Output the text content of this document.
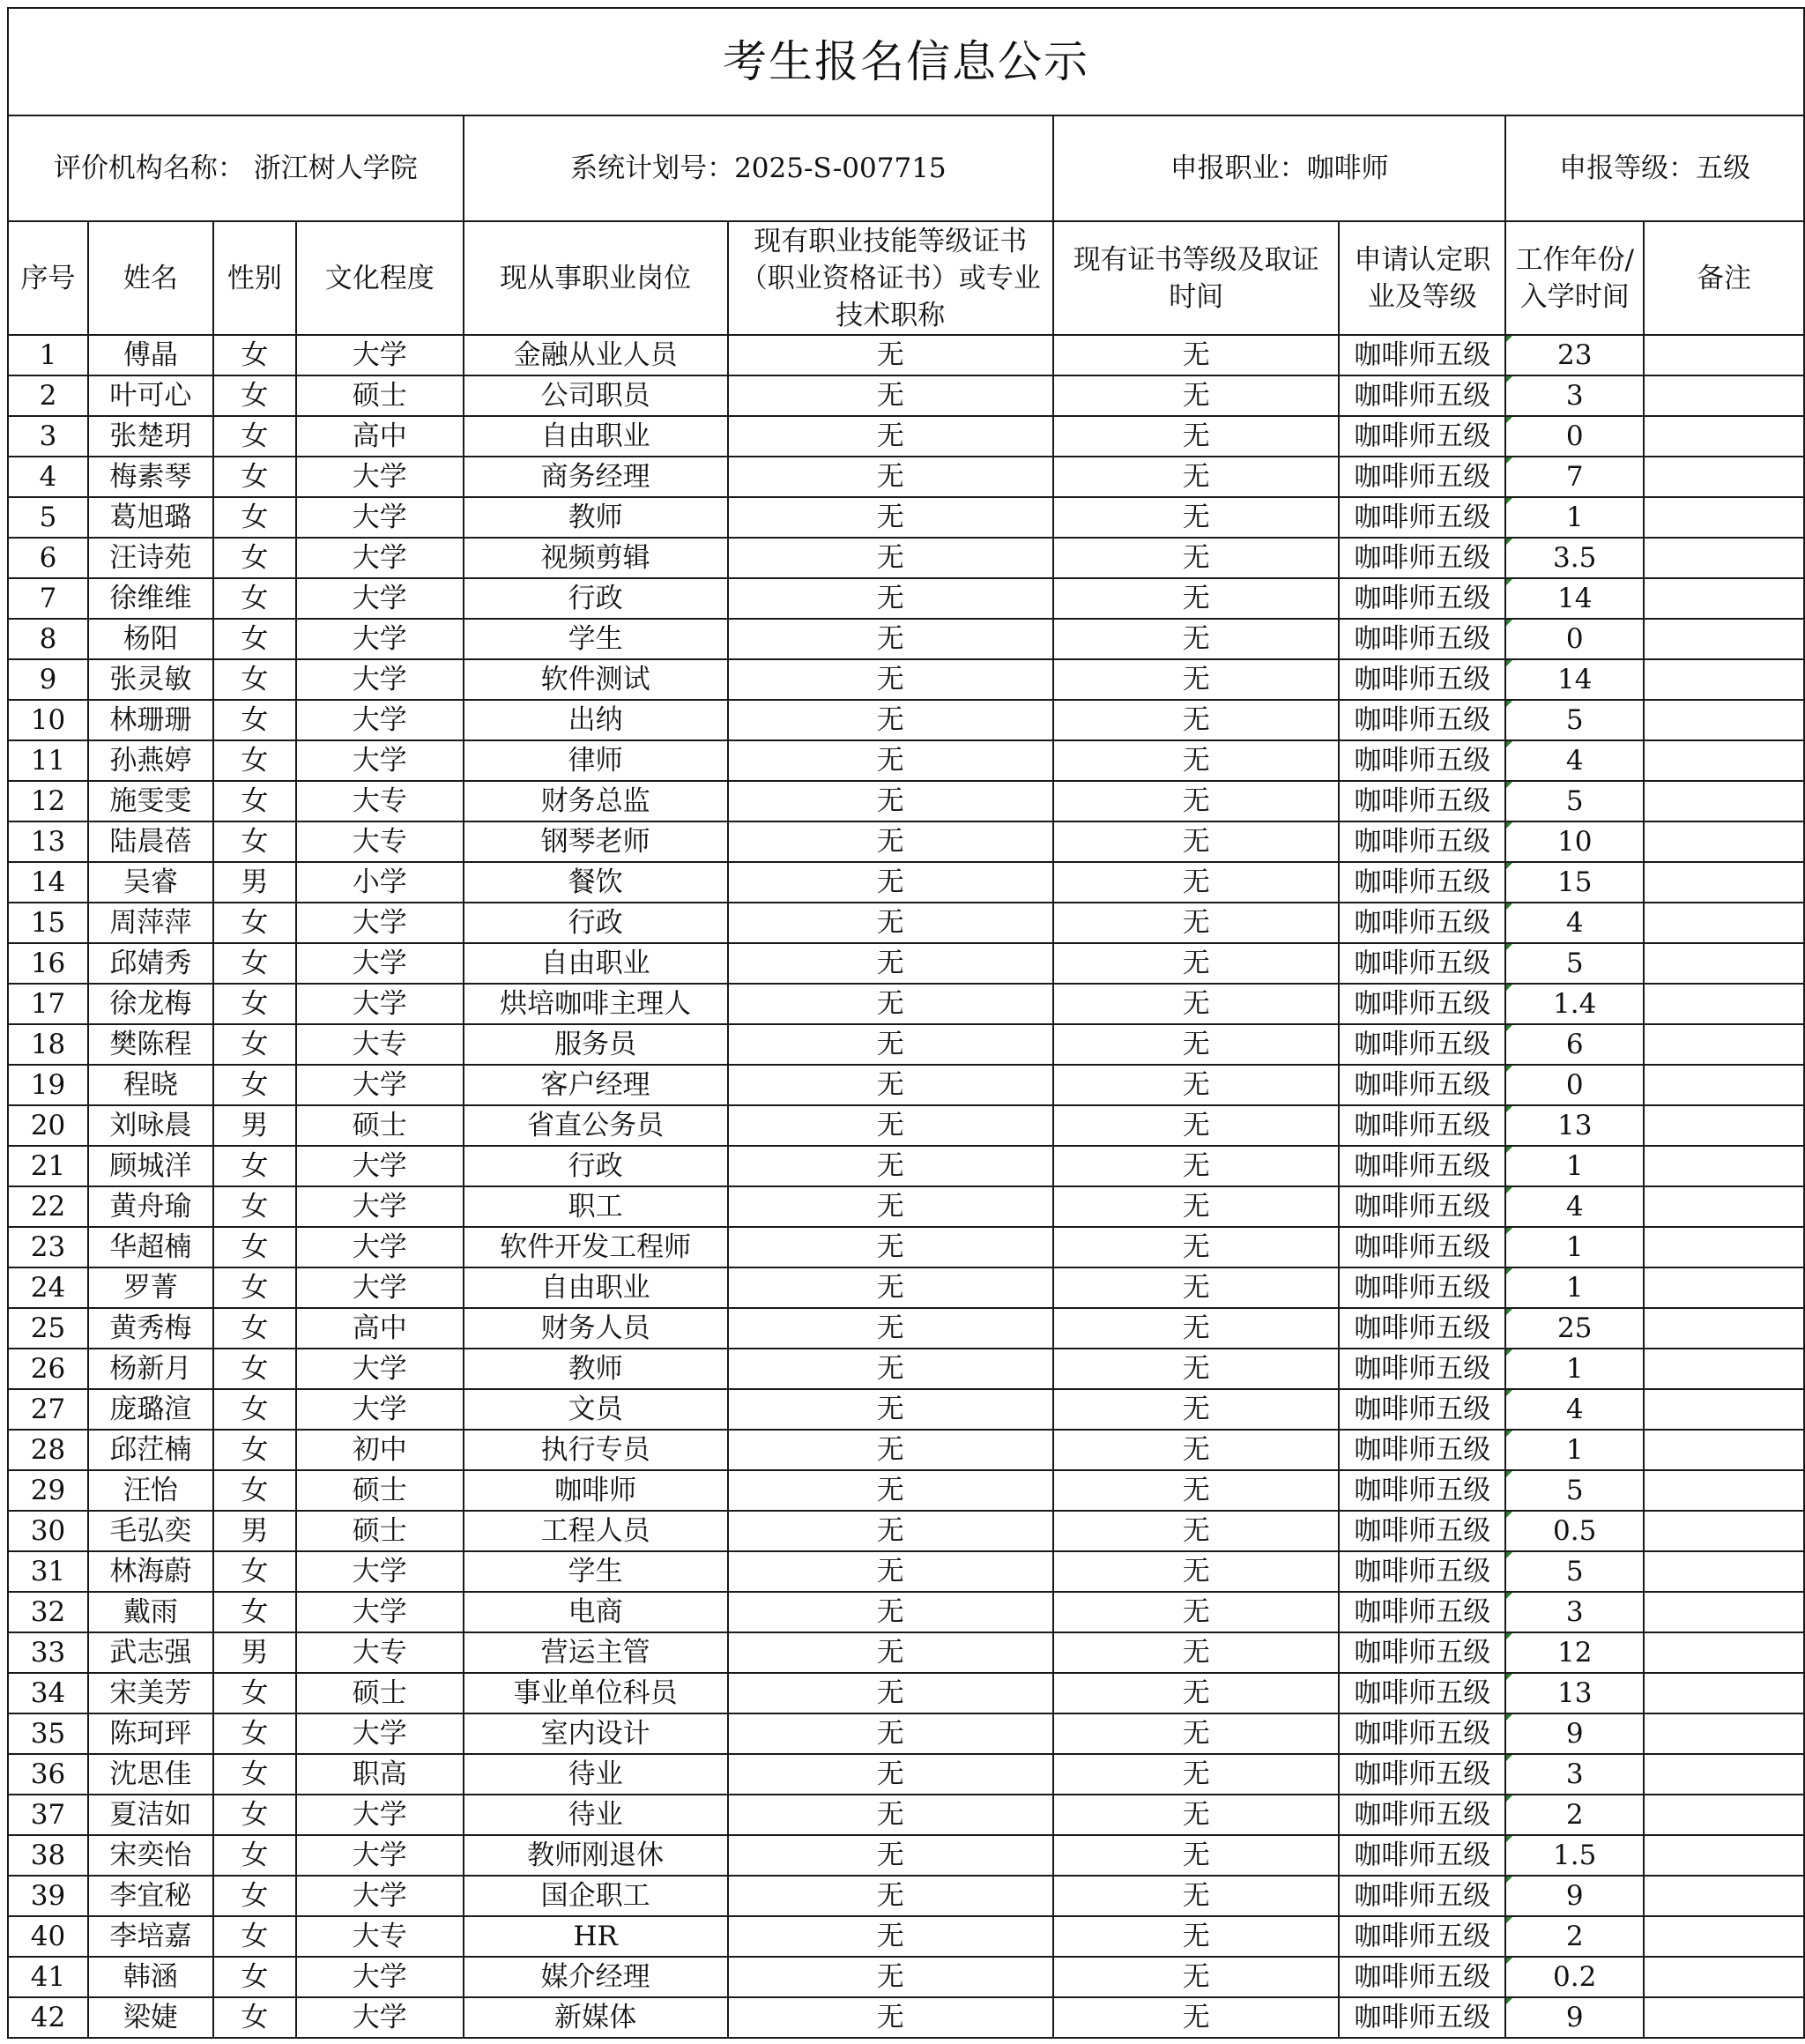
考生报名信息公示									
评价机构名称： 浙江树人学院				系统计划号：2025-S-007715		申报职业：咖啡师		申报等级：五级	
序号	姓名	性别	文化程度	现从事职业岗位	现有职业技能等级证书（职业资格证书）或专业技术职称	现有证书等级及取证时间	申请认定职业及等级	工作年份/入学时间	备注
1	傅晶	女	大学	金融从业人员	无	无	咖啡师五级	23	
2	叶可心	女	硕士	公司职员	无	无	咖啡师五级	3	
3	张楚玥	女	高中	自由职业	无	无	咖啡师五级	0	
4	梅素琴	女	大学	商务经理	无	无	咖啡师五级	7	
5	葛旭璐	女	大学	教师	无	无	咖啡师五级	1	
6	汪诗苑	女	大学	视频剪辑	无	无	咖啡师五级	3.5	
7	徐维维	女	大学	行政	无	无	咖啡师五级	14	
8	杨阳	女	大学	学生	无	无	咖啡师五级	0	
9	张灵敏	女	大学	软件测试	无	无	咖啡师五级	14	
10	林珊珊	女	大学	出纳	无	无	咖啡师五级	5	
11	孙燕婷	女	大学	律师	无	无	咖啡师五级	4	
12	施雯雯	女	大专	财务总监	无	无	咖啡师五级	5	
13	陆晨蓓	女	大专	钢琴老师	无	无	咖啡师五级	10	
14	吴睿	男	小学	餐饮	无	无	咖啡师五级	15	
15	周萍萍	女	大学	行政	无	无	咖啡师五级	4	
16	邱婧秀	女	大学	自由职业	无	无	咖啡师五级	5	
17	徐龙梅	女	大学	烘培咖啡主理人	无	无	咖啡师五级	1.4	
18	樊陈程	女	大专	服务员	无	无	咖啡师五级	6	
19	程晓	女	大学	客户经理	无	无	咖啡师五级	0	
20	刘咏晨	男	硕士	省直公务员	无	无	咖啡师五级	13	
21	顾城洋	女	大学	行政	无	无	咖啡师五级	1	
22	黄舟瑜	女	大学	职工	无	无	咖啡师五级	4	
23	华超楠	女	大学	软件开发工程师	无	无	咖啡师五级	1	
24	罗菁	女	大学	自由职业	无	无	咖啡师五级	1	
25	黄秀梅	女	高中	财务人员	无	无	咖啡师五级	25	
26	杨新月	女	大学	教师	无	无	咖啡师五级	1	
27	庞璐渲	女	大学	文员	无	无	咖啡师五级	4	
28	邱茳楠	女	初中	执行专员	无	无	咖啡师五级	1	
29	汪怡	女	硕士	咖啡师	无	无	咖啡师五级	5	
30	毛弘奕	男	硕士	工程人员	无	无	咖啡师五级	0.5	
31	林海蔚	女	大学	学生	无	无	咖啡师五级	5	
32	戴雨	女	大学	电商	无	无	咖啡师五级	3	
33	武志强	男	大专	营运主管	无	无	咖啡师五级	12	
34	宋美芳	女	硕士	事业单位科员	无	无	咖啡师五级	13	
35	陈珂玶	女	大学	室内设计	无	无	咖啡师五级	9	
36	沈思佳	女	职高	待业	无	无	咖啡师五级	3	
37	夏洁如	女	大学	待业	无	无	咖啡师五级	2	
38	宋奕怡	女	大学	教师刚退休	无	无	咖啡师五级	1.5	
39	李宜秘	女	大学	国企职工	无	无	咖啡师五级	9	
40	李培嘉	女	大专	HR	无	无	咖啡师五级	2	
41	韩涵	女	大学	媒介经理	无	无	咖啡师五级	0.2	
42	梁婕	女	大学	新媒体	无	无	咖啡师五级	9	
